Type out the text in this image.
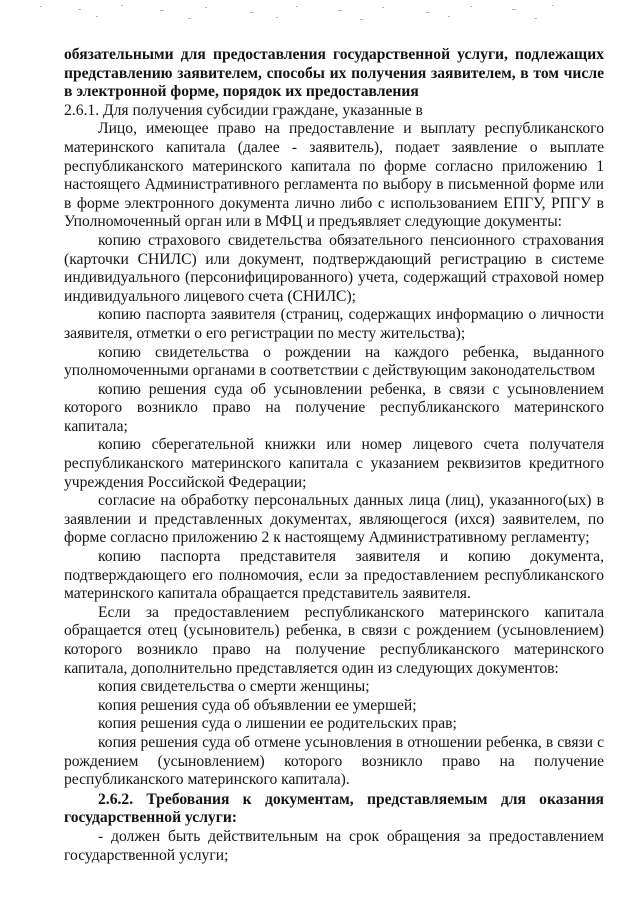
обязательными для предоставления государственной услуги, подлежащих представлению заявителем, способы их получения заявителем, в том числе в электронной форме, порядок их предоставления

2.6.1. Для получения субсидии граждане, указанные в

Лицо, имеющее право на предоставление и выплату республиканского материнского капитала (далее - заявитель), подает заявление о выплате республиканского материнского капитала по форме согласно приложению 1 настоящего Административного регламента по выбору в письменной форме или в форме электронного документа лично либо с использованием ЕПГУ, РПГУ в Уполномоченный орган или в МФЦ и предъявляет следующие документы:

копию страхового свидетельства обязательного пенсионного страхования (карточки СНИЛС) или документ, подтверждающий регистрацию в системе индивидуального (персонифицированного) учета, содержащий страховой номер индивидуального лицевого счета (СНИЛС);

копию паспорта заявителя (страниц, содержащих информацию о личности заявителя, отметки о его регистрации по месту жительства);

копию свидетельства о рождении на каждого ребенка, выданного уполномоченными органами в соответствии с действующим законодательством

копию решения суда об усыновлении ребенка, в связи с усыновлением которого возникло право на получение республиканского материнского капитала;

копию сберегательной книжки или номер лицевого счета получателя республиканского материнского капитала с указанием реквизитов кредитного учреждения Российской Федерации;

согласие на обработку персональных данных лица (лиц), указанного(ых) в заявлении и представленных документах, являющегося (ихся) заявителем, по форме согласно приложению 2 к настоящему Административному регламенту;

копию паспорта представителя заявителя и копию документа, подтверждающего его полномочия, если за предоставлением республиканского материнского капитала обращается представитель заявителя.

Если за предоставлением республиканского материнского капитала обращается отец (усыновитель) ребенка, в связи с рождением (усыновлением) которого возникло право на получение республиканского материнского капитала, дополнительно представляется один из следующих документов:

копия свидетельства о смерти женщины;

копия решения суда об объявлении ее умершей;

копия решения суда о лишении ее родительских прав;

копия решения суда об отмене усыновления в отношении ребенка, в связи с рождением (усыновлением) которого возникло право на получение республиканского материнского капитала).

2.6.2. Требования к документам, представляемым для оказания государственной услуги:

- должен быть действительным на срок обращения за предоставлением государственной услуги;
